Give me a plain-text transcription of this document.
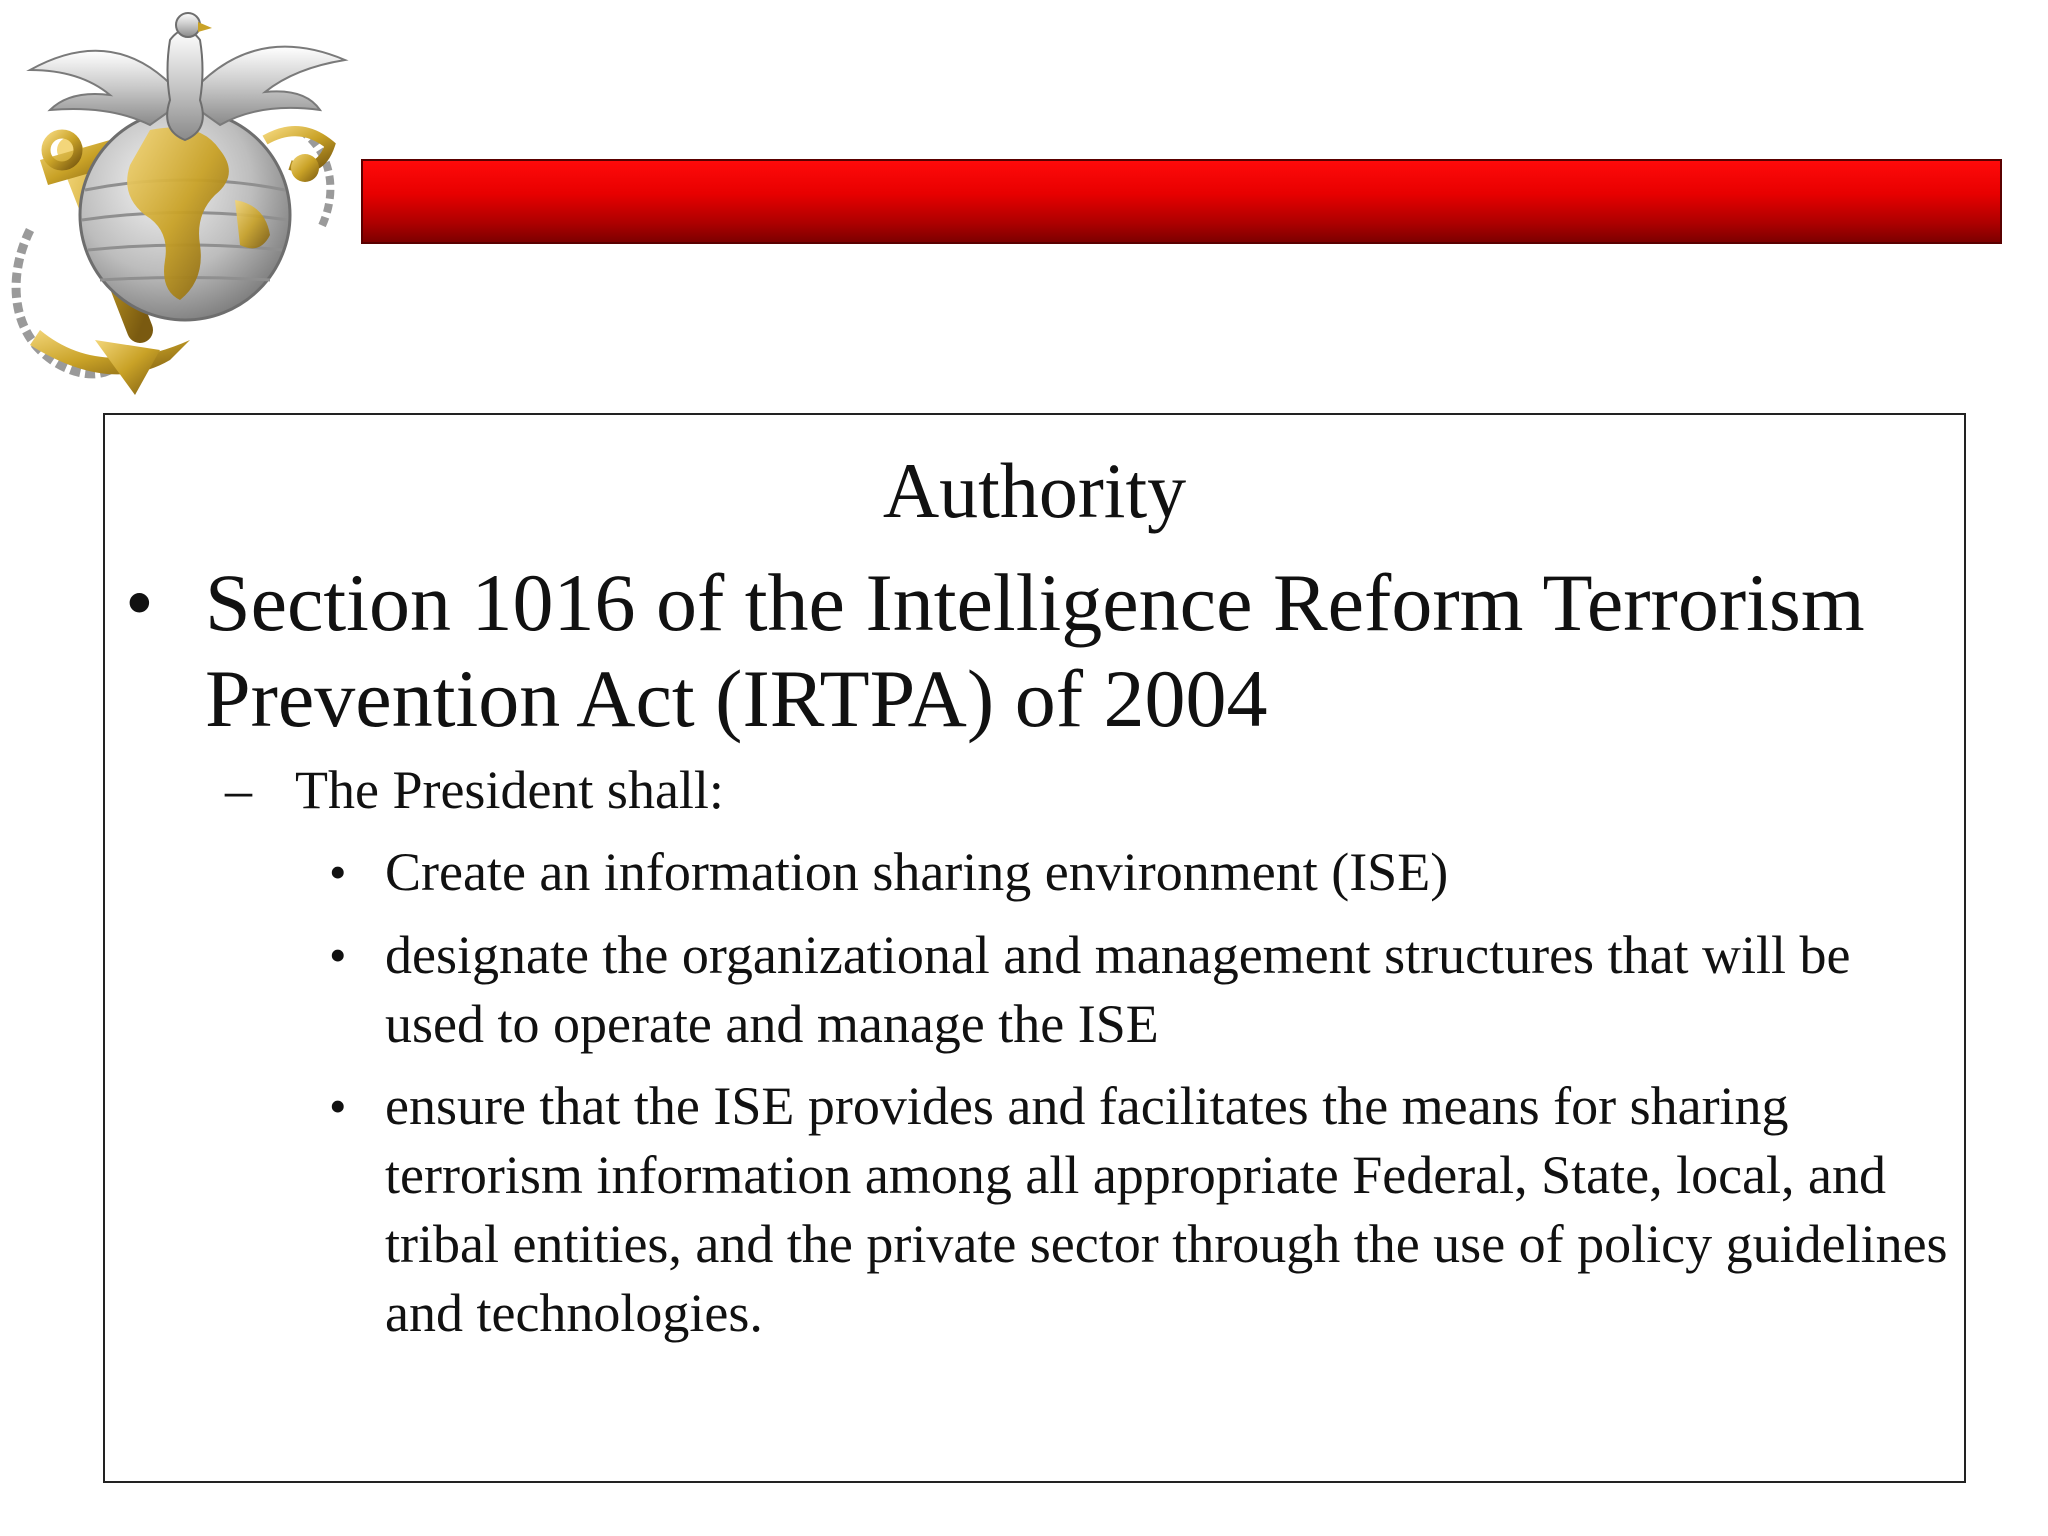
Authority
• Section 1016 of the Intelligence Reform Terrorism Prevention Act (IRTPA) of 2004
– The President shall:
• Create an information sharing environment (ISE)
• designate the organizational and management structures that will be used to operate and manage the ISE
• ensure that the ISE provides and facilitates the means for sharing terrorism information among all appropriate Federal, State, local, and tribal entities, and the private sector through the use of policy guidelines and technologies.
